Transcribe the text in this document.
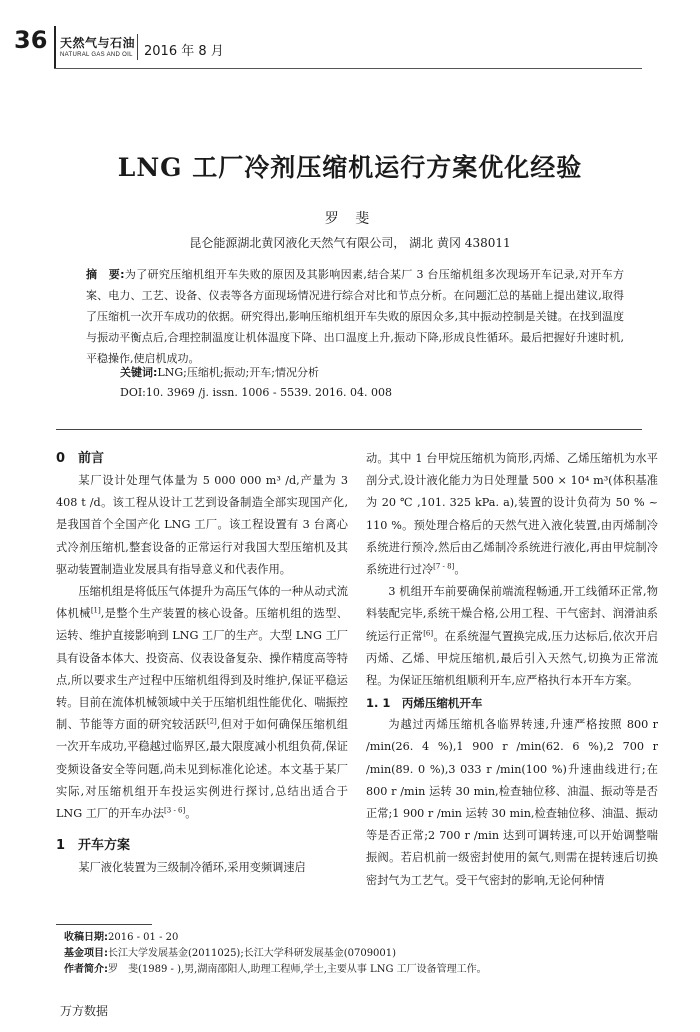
36 天然气与石油
NATURAL GAS AND OIL 2016 年 8 月
LNG 工厂冷剂压缩机运行方案优化经验
罗 斐
昆仑能源湖北黄冈液化天然气有限公司， 湖北 黄冈 438011
摘　要:为了研究压缩机组开车失败的原因及其影响因素,结合某厂 3 台压缩机组多次现场开车记录,对开车方案、电力、工艺、设备、仪表等各方面现场情况进行综合对比和节点分析。在问题汇总的基础上提出建议,取得了压缩机一次开车成功的依据。研究得出,影响压缩机组开车失败的原因众多,其中振动控制是关键。在找到温度与振动平衡点后,合理控制温度让机体温度下降、出口温度上升,振动下降,形成良性循环。最后把握好升速时机,平稳操作,使启机成功。
关键词:LNG;压缩机;振动;开车;情况分析
DOI:10. 3969 /j. issn. 1006 - 5539. 2016. 04. 008
0　前言

某厂设计处理气体量为 5 000 000 m³ /d,产量为 3 408 t /d。该工程从设计工艺到设备制造全部实现国产化,是我国首个全国产化 LNG 工厂。该工程设置有 3 台离心式冷剂压缩机,整套设备的正常运行对我国大型压缩机及其驱动装置制造业发展具有指导意义和代表作用。

压缩机组是将低压气体提升为高压气体的一种从动式流体机械[1],是整个生产装置的核心设备。压缩机组的选型、运转、维护直接影响到 LNG 工厂的生产。大型 LNG 工厂具有设备本体大、投资高、仪表设备复杂、操作精度高等特点,所以要求生产过程中压缩机组得到及时维护,保证平稳运转。目前在流体机械领域中关于压缩机组性能优化、喘振控制、节能等方面的研究较活跃[2],但对于如何确保压缩机组一次开车成功,平稳越过临界区,最大限度减小机组负荷,保证变频设备安全等问题,尚未见到标准化论述。本文基于某厂实际,对压缩机组开车投运实例进行探讨,总结出适合于 LNG 工厂的开车办法[3 - 6]。

1　开车方案

某厂液化装置为三级制冷循环,采用变频调速启

动。其中 1 台甲烷压缩机为筒形,丙烯、乙烯压缩机为水平剖分式,设计液化能力为日处理量 500 × 10⁴ m³(体积基准为 20 ℃ ,101. 325 kPa. a),装置的设计负荷为 50 % ~ 110 %。预处理合格后的天然气进入液化装置,由丙烯制冷系统进行预冷,然后由乙烯制冷系统进行液化,再由甲烷制冷系统进行过冷[7 - 8]。

3 机组开车前要确保前端流程畅通,开工线循环正常,物料装配完毕,系统干燥合格,公用工程、干气密封、润滑油系统运行正常[6]。在系统湿气置换完成,压力达标后,依次开启丙烯、乙烯、甲烷压缩机,最后引入天然气,切换为正常流程。为保证压缩机组顺利开车,应严格执行本开车方案。

1. 1　丙烯压缩机开车

为越过丙烯压缩机各临界转速,升速严格按照 800 r /min(26. 4 %),1 900 r /min(62. 6 %),2 700 r /min(89. 0 %),3 033 r /min(100 %)升速曲线进行;在 800 r /min 运转 30 min,检查轴位移、油温、振动等是否正常;1 900 r /min 运转 30 min,检查轴位移、油温、振动等是否正常;2 700 r /min 达到可调转速,可以开始调整喘振阀。若启机前一级密封使用的氮气,则需在提转速后切换密封气为工艺气。受干气密封的影响,无论何种情

收稿日期:2016 - 01 - 20
基金项目:长江大学发展基金(2011025);长江大学科研发展基金(0709001)
作者简介:罗　斐(1989 - ),男,湖南邵阳人,助理工程师,学士,主要从事 LNG 工厂设备管理工作。
万方数据
